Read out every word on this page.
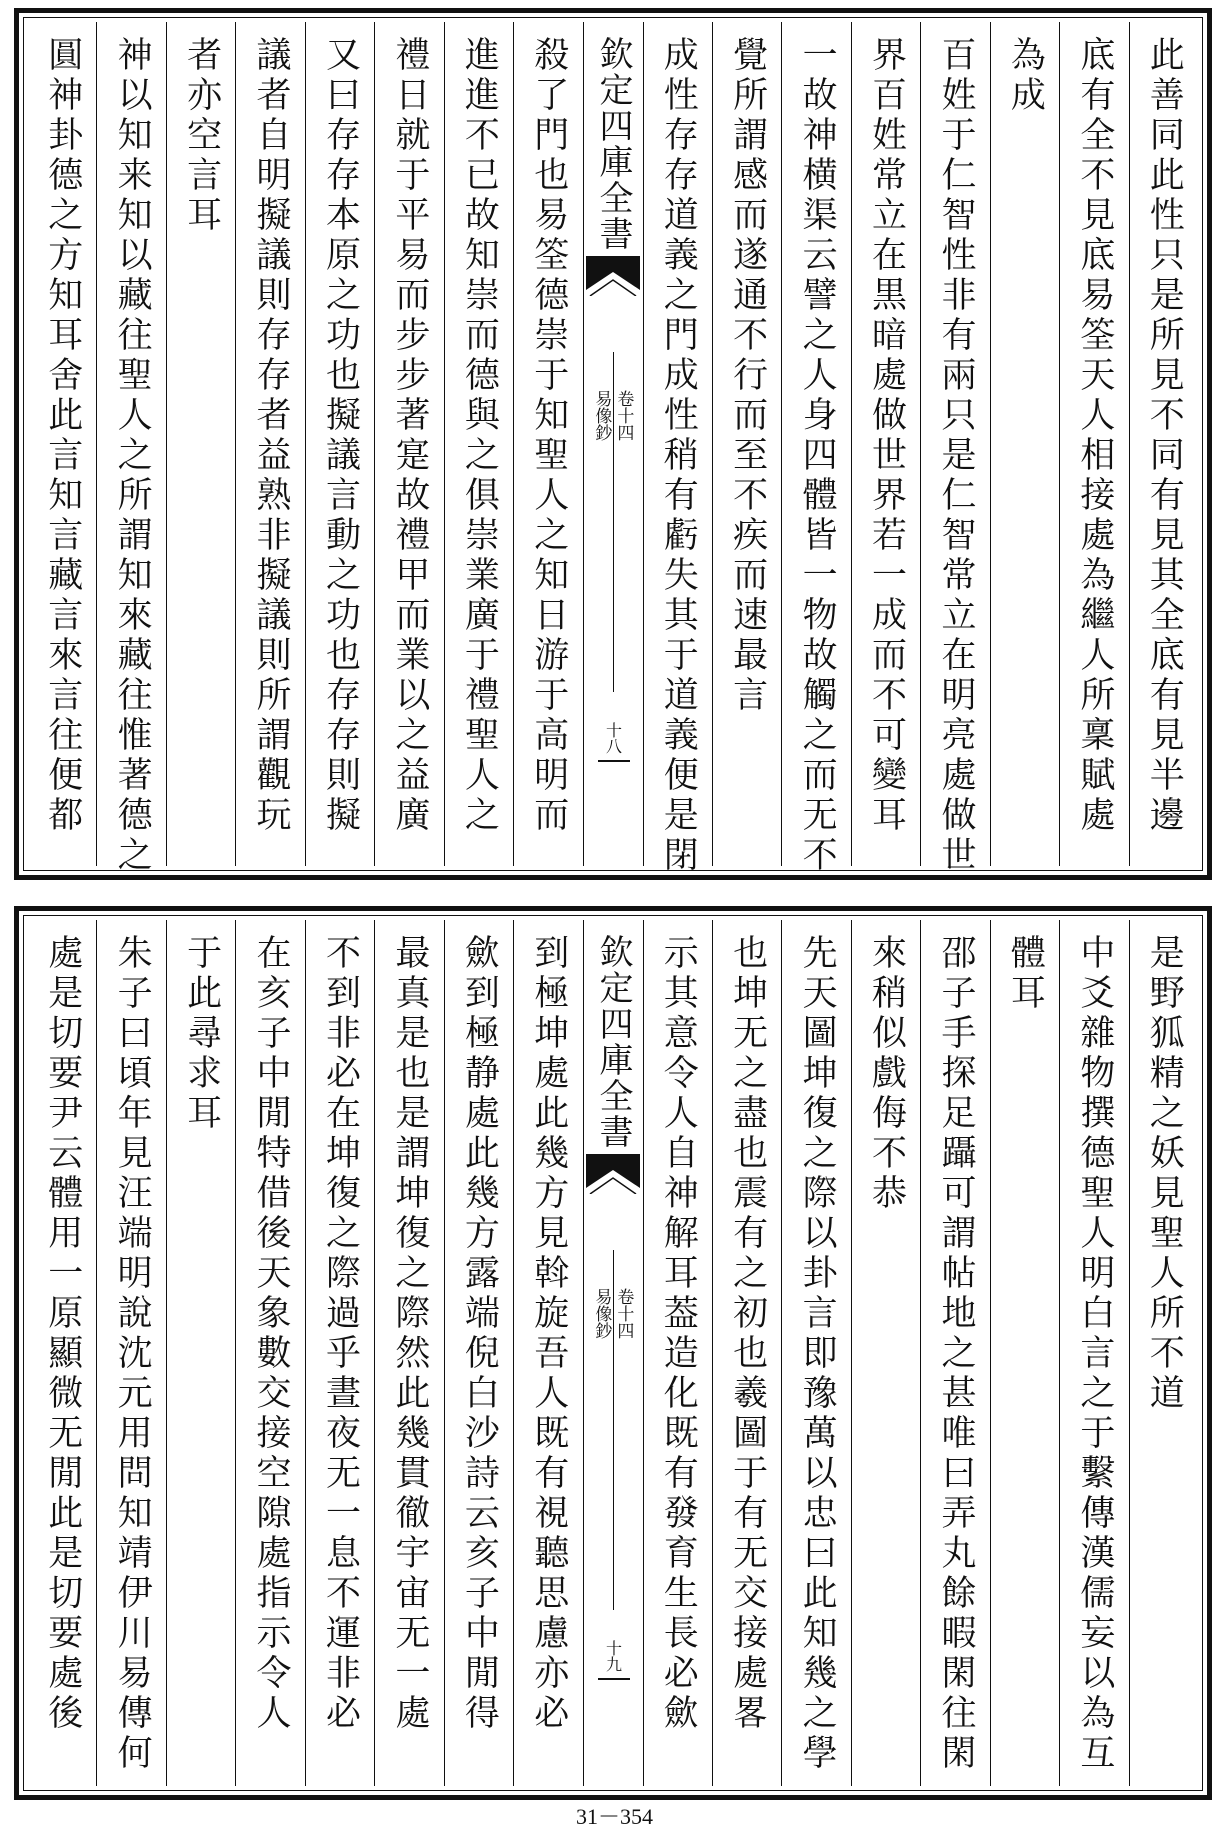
此善同此性只是所見不同有見其全底有見半邊
底有全不見底易筌天人相接處為繼人所稟賦處
為成
百姓于仁智性非有兩只是仁智常立在明亮處做世
界百姓常立在黒暗處做世界若一成而不可變耳
一故神横渠云譬之人身四體皆一物故觸之而无不
覺所謂感而遂通不行而至不疾而速最言
成性存存道義之門成性稍有虧失其于道義便是閉
欽定四庫全書
易像鈔 卷十四
十八
殺了門也易筌德崇于知聖人之知日游于高明而
進進不已故知崇而德與之俱崇業廣于禮聖人之
禮日就于平易而步步著寔故禮甲而業以之益廣
又曰存存本原之功也擬議言動之功也存存則擬
議者自明擬議則存存者益熟非擬議則所謂觀玩
者亦空言耳
神以知来知以藏往聖人之所謂知來藏往惟著德之
圓神卦德之方知耳舍此言知言藏言來言往便都
是野狐精之妖見聖人所不道
中爻雜物撰德聖人明白言之于繫傳漢儒妄以為互
體耳
邵子手探足躡可謂帖地之甚唯曰弄丸餘暇閑往閑
來稍似戲侮不恭
先天圖坤復之際以卦言即豫萬以忠曰此知幾之學
也坤无之盡也震有之初也羲圖于有无交接處畧
示其意令人自神解耳葢造化既有發育生長必歛
欽定四庫全書
易像鈔 卷十四
十九
到極坤處此幾方見斡旋吾人既有視聽思慮亦必
歛到極静處此幾方露端倪白沙詩云亥子中閒得
最真是也是謂坤復之際然此幾貫徹宇宙无一處
不到非必在坤復之際過乎晝夜无一息不運非必
在亥子中閒特借後天象數交接空隙處指示令人
于此尋求耳
朱子曰頃年見汪端明說沈元用問知靖伊川易傳何
處是切要尹云體用一原顯微无閒此是切要處後
31－354
